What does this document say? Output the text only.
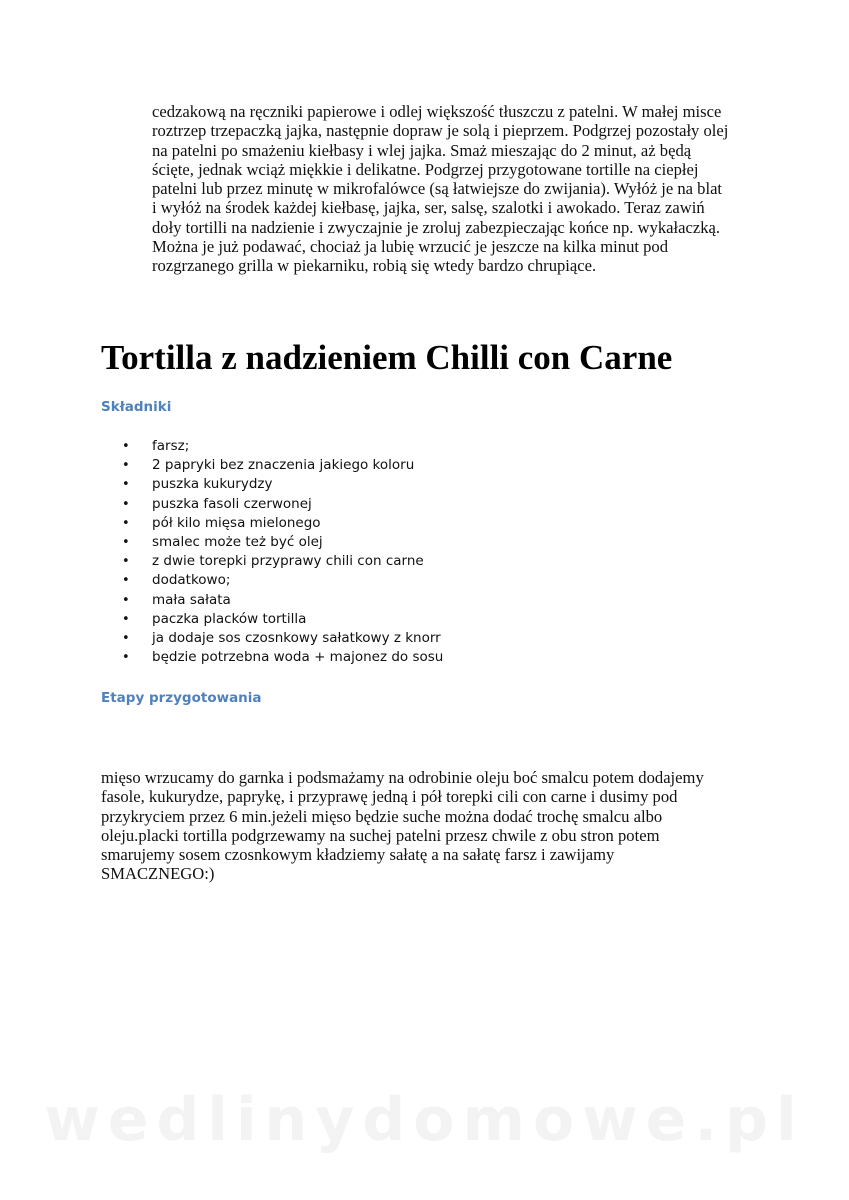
cedzakową na ręczniki papierowe i odlej większość tłuszczu z patelni. W małej misce
roztrzep trzepaczką jajka, następnie dopraw je solą i pieprzem. Podgrzej pozostały olej
na patelni po smażeniu kiełbasy i wlej jajka. Smaż mieszając do 2 minut, aż będą
ścięte, jednak wciąż miękkie i delikatne. Podgrzej przygotowane tortille na ciepłej
patelni lub przez minutę w mikrofalówce (są łatwiejsze do zwijania). Wyłóż je na blat
i wyłóż na środek każdej kiełbasę, jajka, ser, salsę, szalotki i awokado. Teraz zawiń
doły tortilli na nadzienie i zwyczajnie je zroluj zabezpieczając końce np. wykałaczką.
Można je już podawać, chociaż ja lubię wrzucić je jeszcze na kilka minut pod
rozgrzanego grilla w piekarniku, robią się wtedy bardzo chrupiące.
Tortilla z nadzieniem Chilli con Carne
Składniki
• farsz;
• 2 papryki bez znaczenia jakiego koloru
• puszka kukurydzy
• puszka fasoli czerwonej
• pół kilo mięsa mielonego
• smalec może też być olej
• z dwie torepki przyprawy chili con carne
• dodatkowo;
• mała sałata
• paczka placków tortilla
• ja dodaje sos czosnkowy sałatkowy z knorr
• będzie potrzebna woda + majonez do sosu
Etapy przygotowania
mięso wrzucamy do garnka i podsmażamy na odrobinie oleju boć smalcu potem dodajemy
fasole, kukurydze, paprykę, i przyprawę jedną i pół torepki cili con carne i dusimy pod
przykryciem przez 6 min.jeżeli mięso będzie suche można dodać trochę smalcu albo
oleju.placki tortilla podgrzewamy na suchej patelni przesz chwile z obu stron potem
smarujemy sosem czosnkowym kładziemy sałatę a na sałatę farsz i zawijamy
SMACZNEGO:)
wedlinydomowe.pl
